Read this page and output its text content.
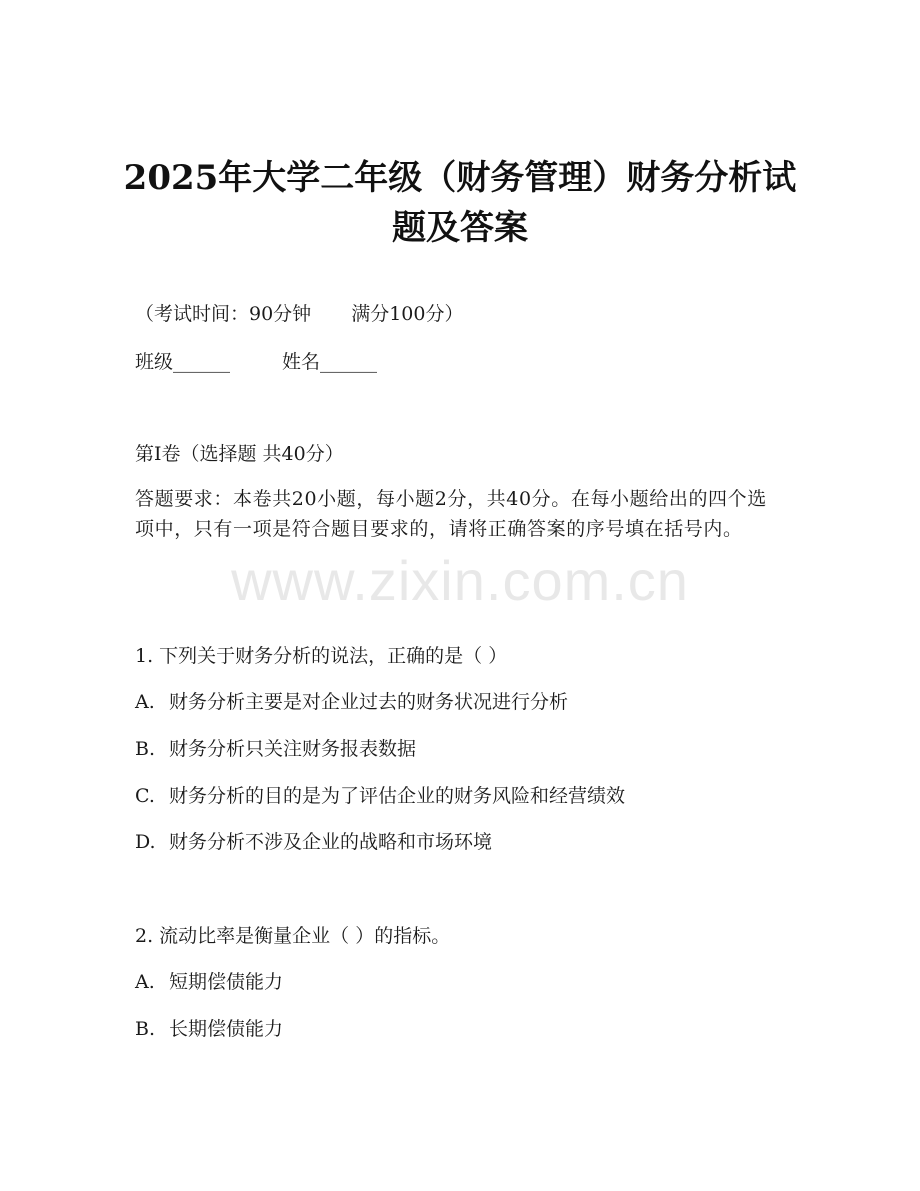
2025年大学二年级（财务管理）财务分析试
题及答案
（考试时间：90分钟 满分100分）
班级______	姓名______
第I卷（选择题 共40分）
答题要求：本卷共20小题，每小题2分，共40分。在每小题给出的四个选项中，只有一项是符合题目要求的，请将正确答案的序号填在括号内。
1. 下列关于财务分析的说法，正确的是（ ）
A. 财务分析主要是对企业过去的财务状况进行分析
B. 财务分析只关注财务报表数据
C. 财务分析的目的是为了评估企业的财务风险和经营绩效
D. 财务分析不涉及企业的战略和市场环境
2. 流动比率是衡量企业（ ）的指标。
A. 短期偿债能力
B. 长期偿债能力
www.zixin.com.cn
